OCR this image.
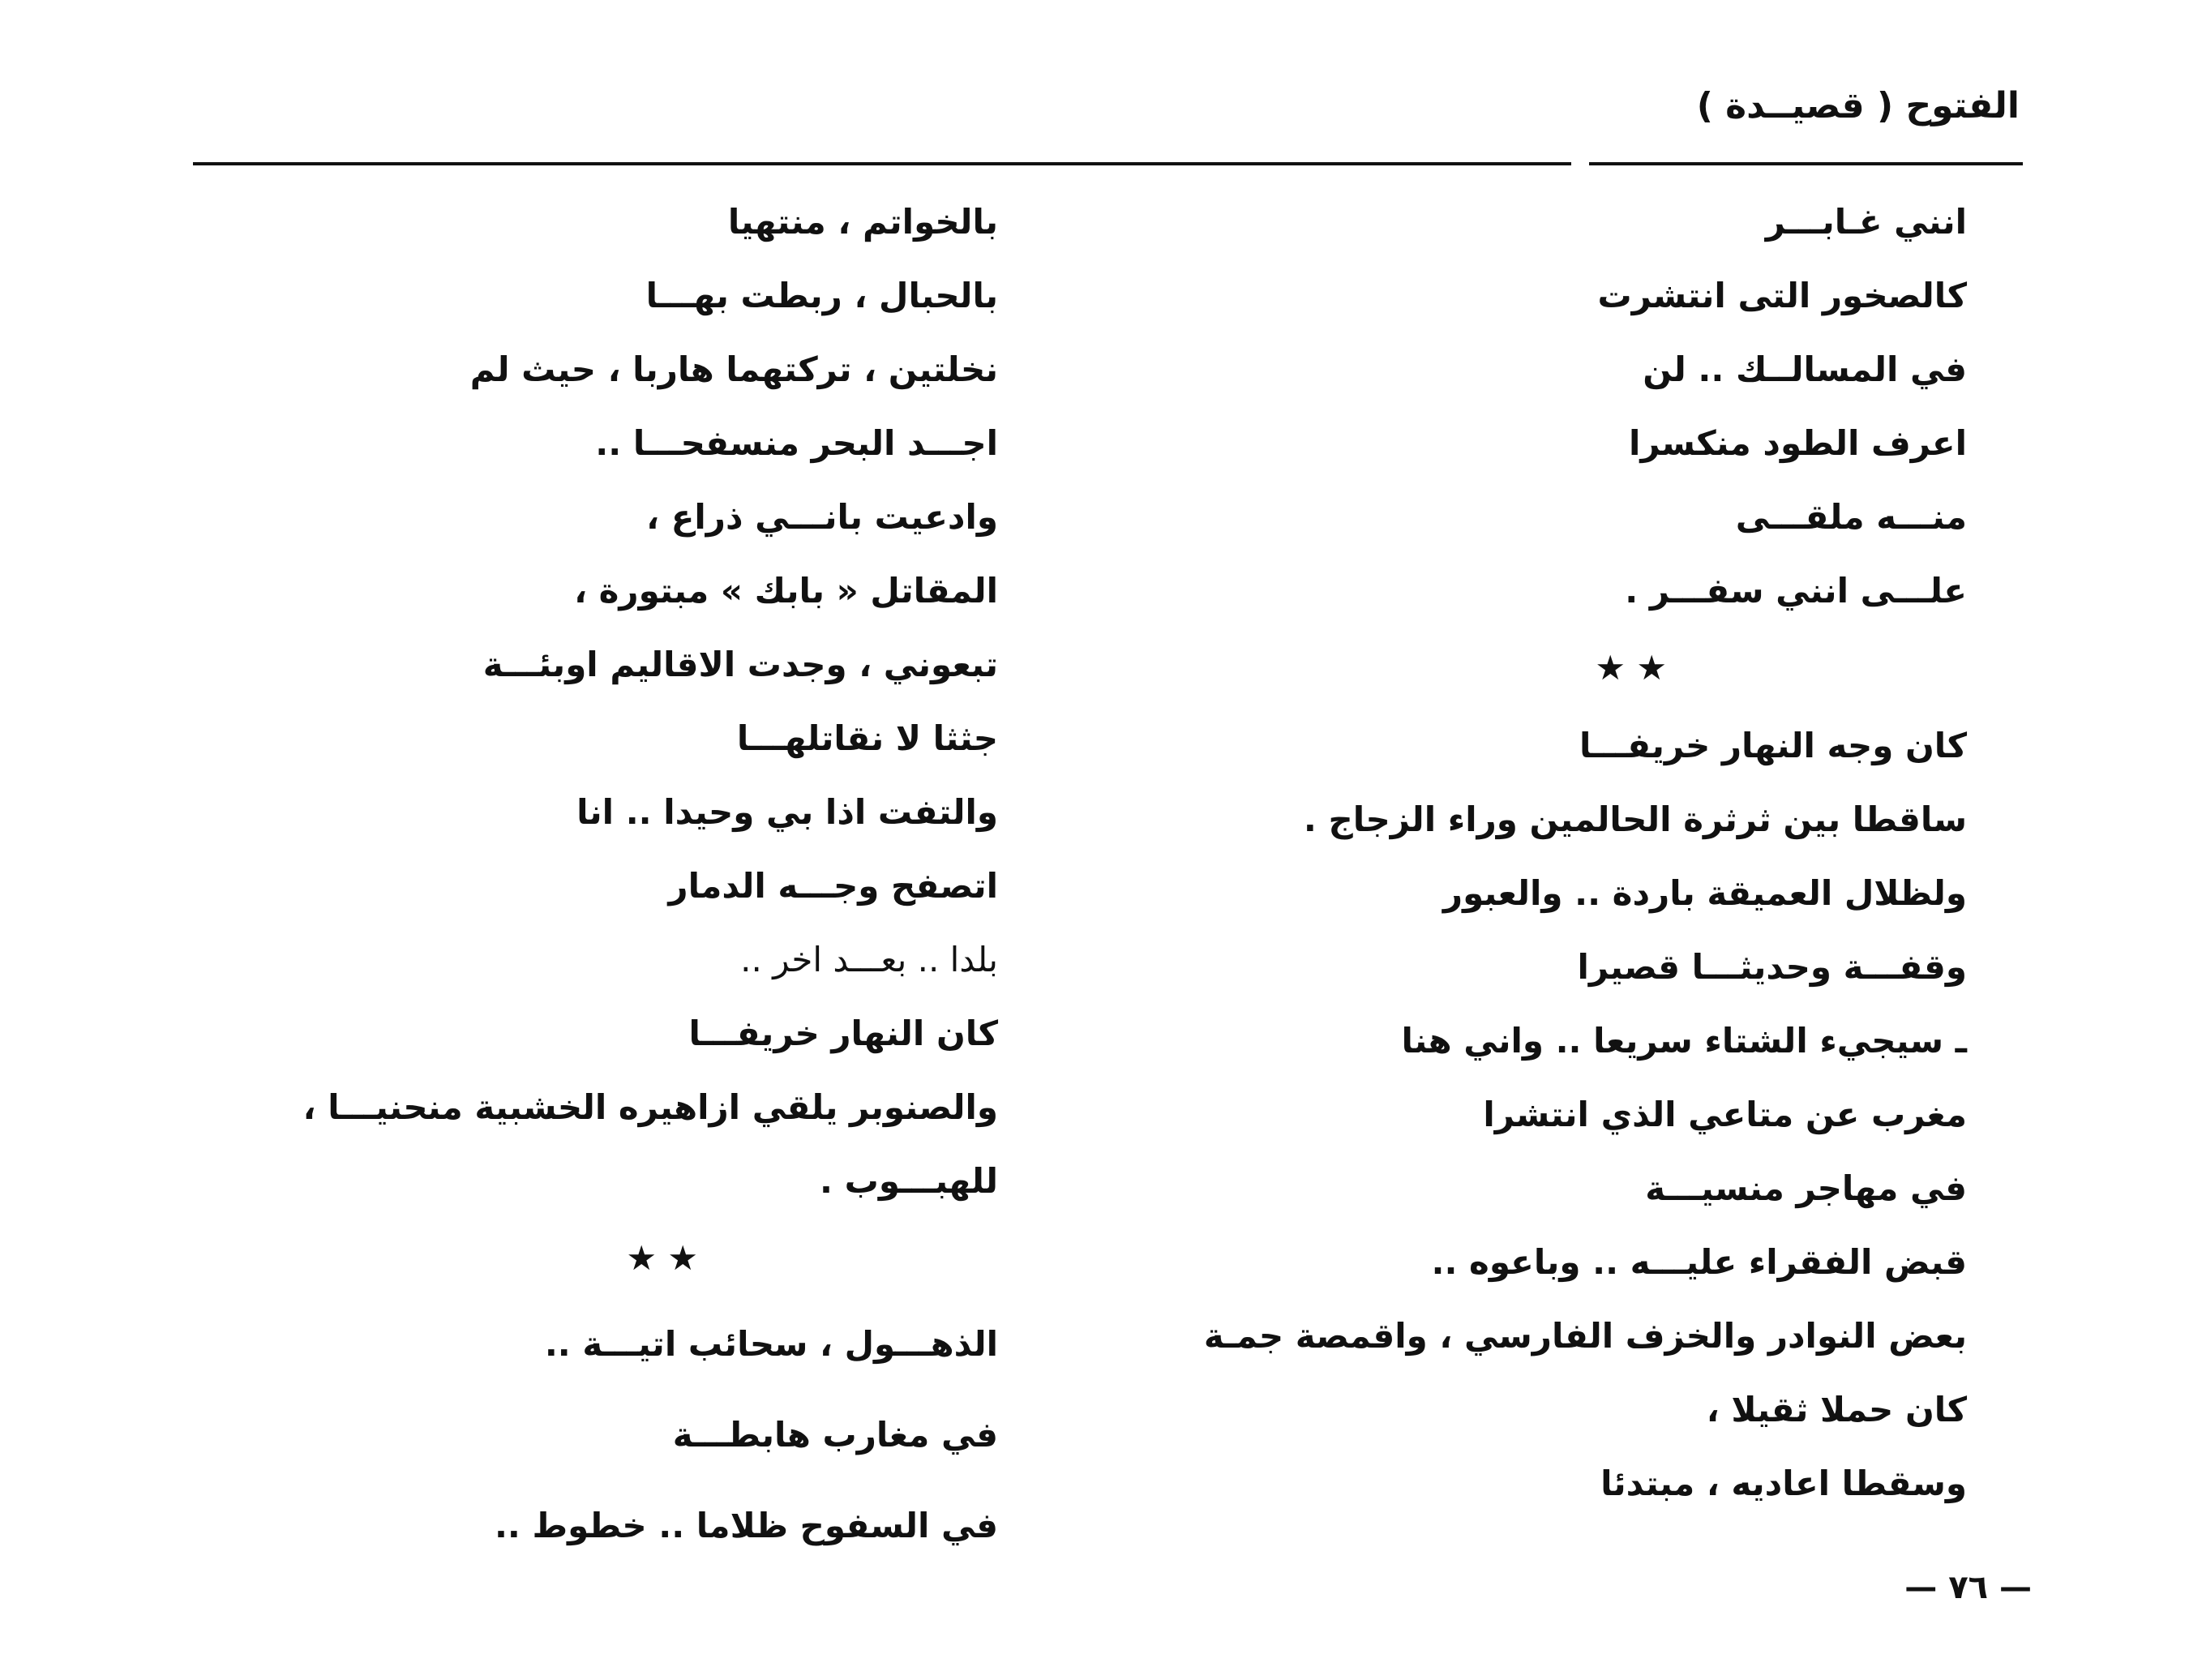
الفتوح ( قصيــدة )
انني غـابـــر
كالصخور التى انتشرت
في المسالــك .. لن
اعرف الطود منكسرا
منـــه ملقـــى
علـــى انني سفـــر .
★ ★
كان وجه النهار خريفـــا
ساقطا بين ثرثرة الحالمين وراء الزجاج .
ولظلال العميقة باردة .. والعبور
وقفـــة وحديثـــا قصيرا
ـ سيجيء الشتاء سريعا .. واني هنا
مغرب عن متاعي الذي انتشرا
في مهاجر منسيـــة
قبض الفقراء عليـــه .. وباعوه ..
بعض النوادر والخزف الفارسي ، واقمصة جمـة
كان حملا ثقيلا ،
وسقطا اعاديه ، مبتدئا
بالخواتم ، منتهيا
بالحبال ، ربطت بهـــا
نخلتين ، تركتهما هاربا ، حيث لم
اجـــد البحر منسفحـــا ..
وادعيت بانـــي ذراع ،
المقاتل « بابك » مبتورة ،
تبعوني ، وجدت الاقاليم اوبئـــة
جثثا لا نقاتلهـــا
والتفت اذا بي وحيدا .. انا
اتصفح وجـــه الدمار
بلدا .. بعـــد اخر ..
كان النهار خريفـــا
والصنوبر يلقي ازاهيره الخشبية منحنيـــا ،
للهبـــوب .
★ ★
الذهـــول ، سحائب اتيـــة ..
في مغارب هابطـــة
في السفوح ظلاما .. خطوط ..
— ٧٦ —
